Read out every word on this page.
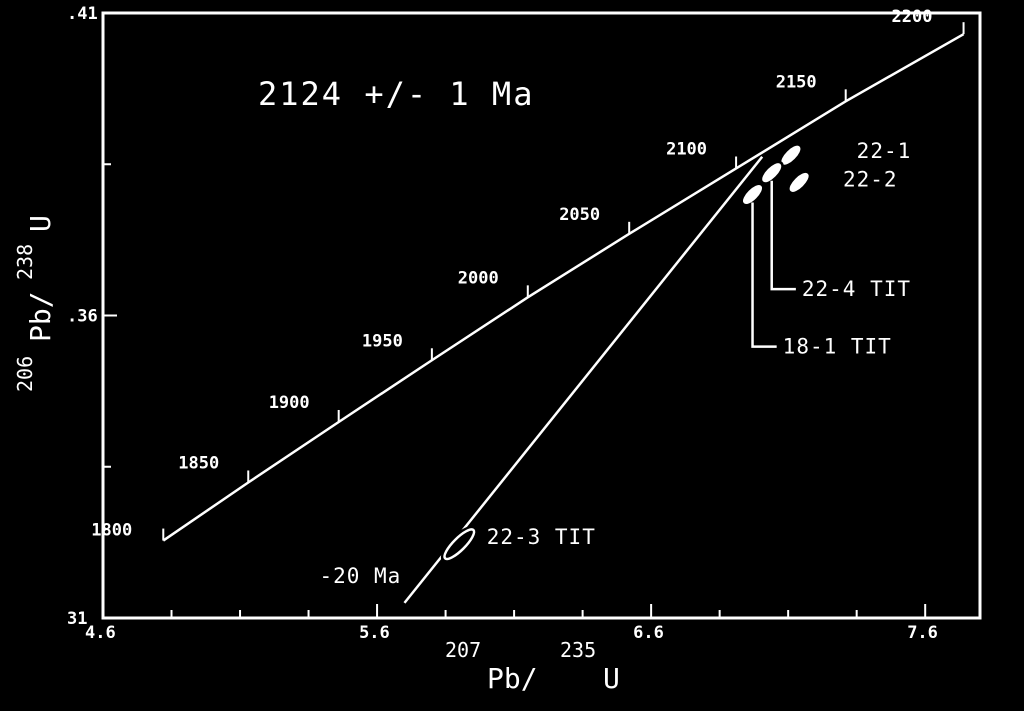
2124 +/- 1 Ma
4.6	5.6	6.6	7.6
31
.36
.41
207
Pb/
235
U
206
Pb/
238
U
1800
1850
1900
1950
2000
2050
2100
2150
2200
-20 Ma
22-1
22-2
22-4 TIT
18-1 TIT
22-3 TIT
